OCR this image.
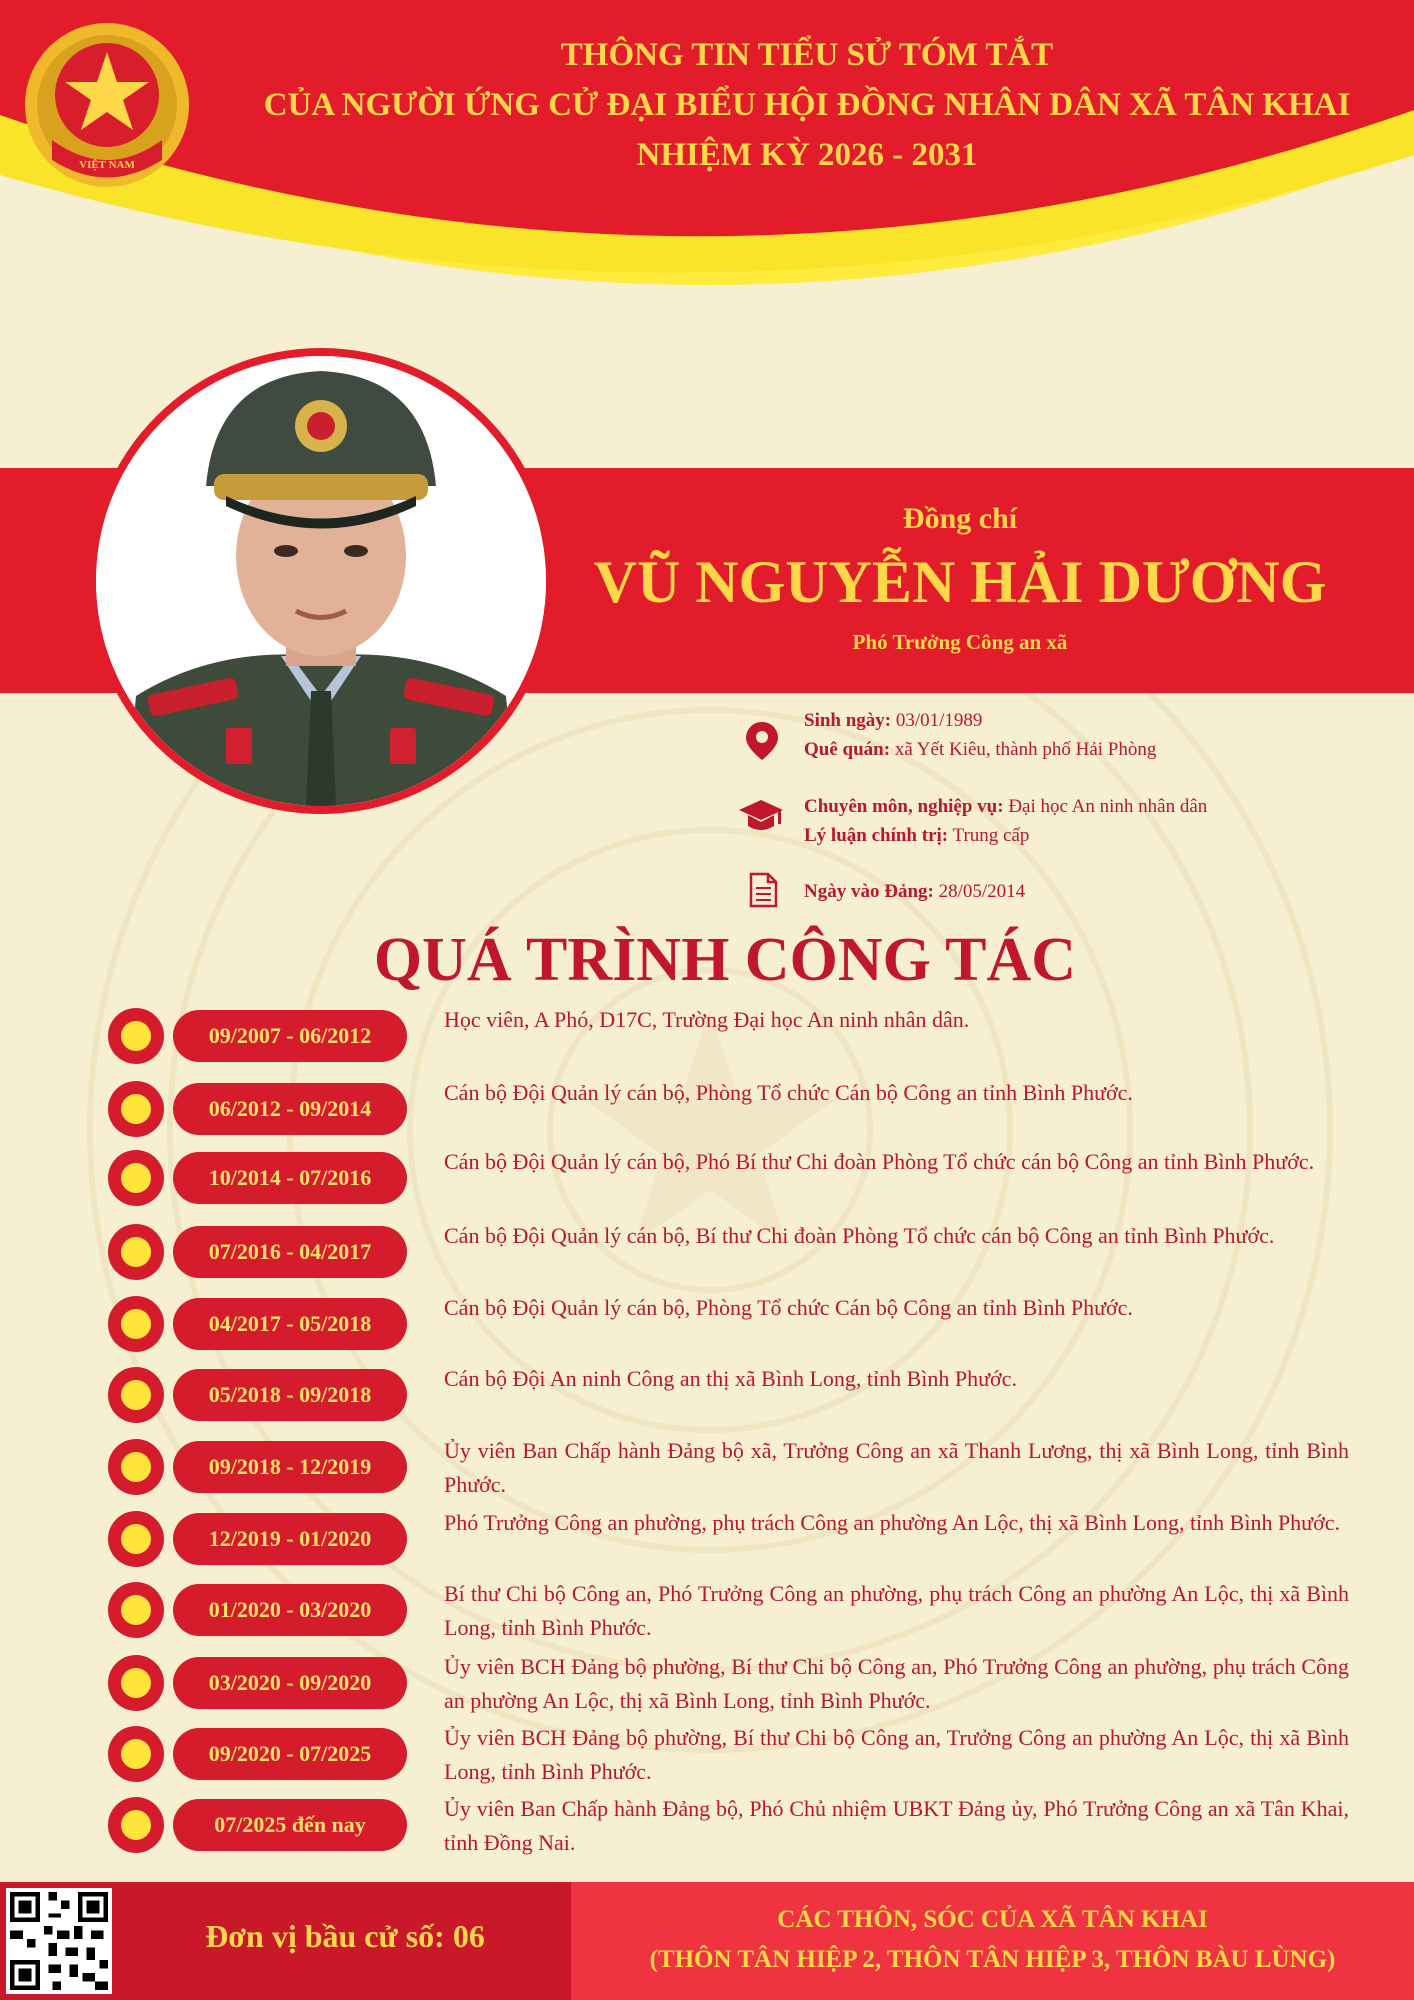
VIỆT NAM
THÔNG TIN TIỂU SỬ TÓM TẮT
CỦA NGƯỜI ỨNG CỬ ĐẠI BIỂU HỘI ĐỒNG NHÂN DÂN XÃ TÂN KHAI
NHIỆM KỲ 2026 - 2031
Đồng chí
VŨ NGUYỄN HẢI DƯƠNG
Phó Trưởng Công an xã
Sinh ngày: 03/01/1989
Quê quán: xã Yết Kiêu, thành phố Hải Phòng
Chuyên môn, nghiệp vụ: Đại học An ninh nhân dân
Lý luận chính trị: Trung cấp
Ngày vào Đảng: 28/05/2014
QUÁ TRÌNH CÔNG TÁC
09/2007 - 06/2012
Học viên, A Phó, D17C, Trường Đại học An ninh nhân dân.
06/2012 - 09/2014
Cán bộ Đội Quản lý cán bộ, Phòng Tổ chức Cán bộ Công an tỉnh Bình Phước.
10/2014 - 07/2016
Cán bộ Đội Quản lý cán bộ, Phó Bí thư Chi đoàn Phòng Tổ chức cán bộ Công an tỉnh Bình Phước.
07/2016 - 04/2017
Cán bộ Đội Quản lý cán bộ, Bí thư Chi đoàn Phòng Tổ chức cán bộ Công an tỉnh Bình Phước.
04/2017 - 05/2018
Cán bộ Đội Quản lý cán bộ, Phòng Tổ chức Cán bộ Công an tỉnh Bình Phước.
05/2018 - 09/2018
Cán bộ Đội An ninh Công an thị xã Bình Long, tỉnh Bình Phước.
09/2018 - 12/2019
Ủy viên Ban Chấp hành Đảng bộ xã, Trưởng Công an xã Thanh Lương, thị xã Bình Long, tỉnh Bình Phước.
12/2019 - 01/2020
Phó Trưởng Công an phường, phụ trách Công an phường An Lộc, thị xã Bình Long, tỉnh Bình Phước.
01/2020 - 03/2020
Bí thư Chi bộ Công an, Phó Trưởng Công an phường, phụ trách Công an phường An Lộc, thị xã Bình Long, tỉnh Bình Phước.
03/2020 - 09/2020
Ủy viên BCH Đảng bộ phường, Bí thư Chi bộ Công an, Phó Trưởng Công an phường, phụ trách Công an phường An Lộc, thị xã Bình Long, tỉnh Bình Phước.
09/2020 - 07/2025
Ủy viên BCH Đảng bộ phường, Bí thư Chi bộ Công an, Trưởng Công an phường An Lộc, thị xã Bình Long, tỉnh Bình Phước.
07/2025 đến nay
Ủy viên Ban Chấp hành Đảng bộ, Phó Chủ nhiệm UBKT Đảng ủy, Phó Trưởng Công an xã Tân Khai, tỉnh Đồng Nai.
Đơn vị bầu cử số: 06	CÁC THÔN, SÓC CỦA XÃ TÂN KHAI
(THÔN TÂN HIỆP 2, THÔN TÂN HIỆP 3, THÔN BÀU LÙNG)
